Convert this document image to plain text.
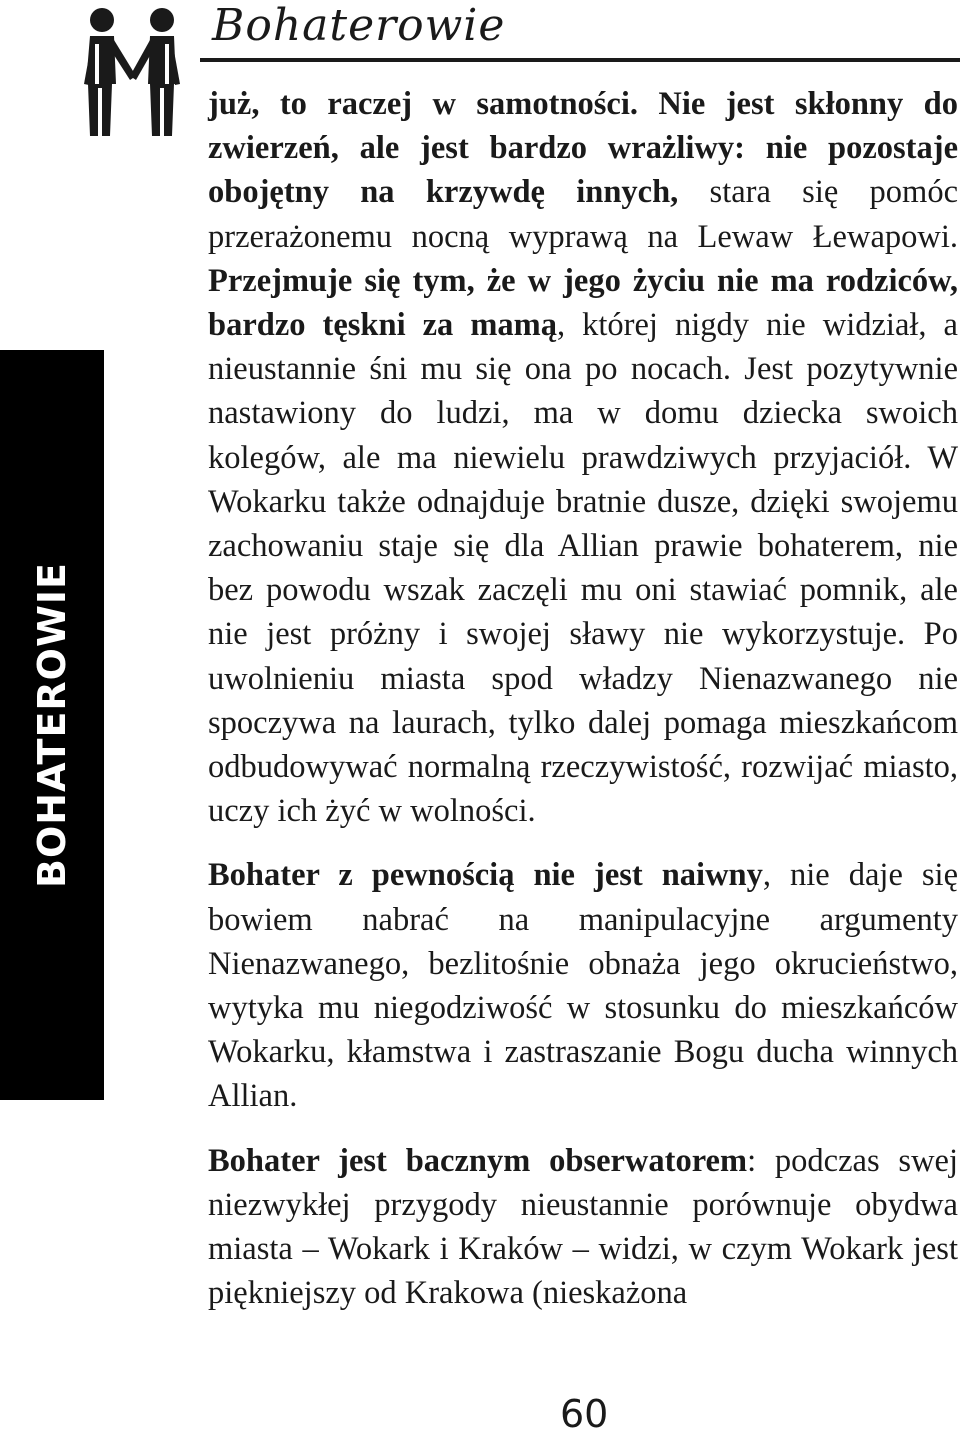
Bohaterowie
BOHATEROWIE

już, to raczej w samotności. Nie jest skłonny do zwierzeń, ale jest bardzo wrażliwy: nie pozostaje obojętny na krzywdę innych, stara się pomóc przerażonemu nocną wyprawą na Lewaw Łewapowi. Przejmuje się tym, że w jego życiu nie ma rodziców, bardzo tęskni za mamą, której nigdy nie widział, a nieustannie śni mu się ona po nocach. Jest pozytywnie nastawiony do ludzi, ma w domu dziecka swoich kolegów, ale ma niewielu prawdziwych przyjaciół. W Wokarku także odnajduje bratnie dusze, dzięki swojemu zachowaniu staje się dla Allian prawie bohaterem, nie bez powodu wszak zaczęli mu oni stawiać pomnik, ale nie jest próżny i swojej sławy nie wykorzystuje. Po uwolnieniu miasta spod władzy Nienazwanego nie spoczywa na laurach, tylko dalej pomaga mieszkańcom odbudowywać normalną rzeczywistość, rozwijać miasto, uczy ich żyć w wolności.

Bohater z pewnością nie jest naiwny, nie daje się bowiem nabrać na manipulacyjne argumenty Nienazwanego, bezlitośnie obnaża jego okrucieństwo, wytyka mu niegodziwość w stosunku do mieszkańców Wokarku, kłamstwa i zastraszanie Bogu ducha winnych Allian.

Bohater jest bacznym obserwatorem: podczas swej niezwykłej przygody nieustannie porównuje obydwa miasta – Wokark i Kraków – widzi, w czym Wokark jest piękniejszy od Krakowa (nieskażona

60
